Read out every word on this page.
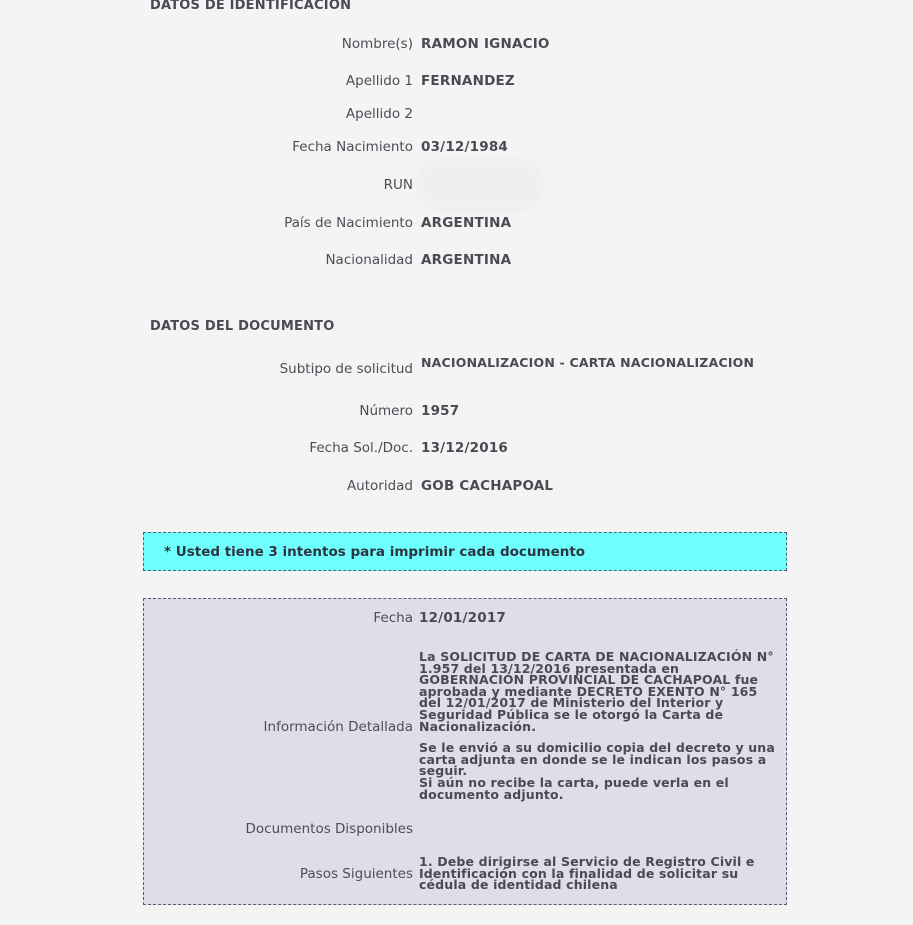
DATOS DE IDENTIFICACION
Nombre(s) RAMON IGNACIO
Apellido 1 FERNANDEZ
Apellido 2
Fecha Nacimiento 03/12/1984
RUN
País de Nacimiento ARGENTINA
Nacionalidad ARGENTINA
DATOS DEL DOCUMENTO
Subtipo de solicitud NACIONALIZACION - CARTA NACIONALIZACION
Número 1957
Fecha Sol./Doc. 13/12/2016
Autoridad GOB CACHAPOAL
* Usted tiene 3 intentos para imprimir cada documento
Fecha 12/01/2017
Información Detallada
La SOLICITUD DE CARTA DE NACIONALIZACIÓN N° 1.957 del 13/12/2016 presentada en GOBERNACIÓN PROVINCIAL DE CACHAPOAL fue aprobada y mediante DECRETO EXENTO N° 165 del 12/01/2017 de Ministerio del Interior y Seguridad Pública se le otorgó la Carta de Nacionalización.
Se le envió a su domicilio copia del decreto y una carta adjunta en donde se le indican los pasos a seguir.
Si aún no recibe la carta, puede verla en el documento adjunto.
Documentos Disponibles
Pasos Siguientes
1. Debe dirigirse al Servicio de Registro Civil e Identificación con la finalidad de solicitar su cédula de identidad chilena
